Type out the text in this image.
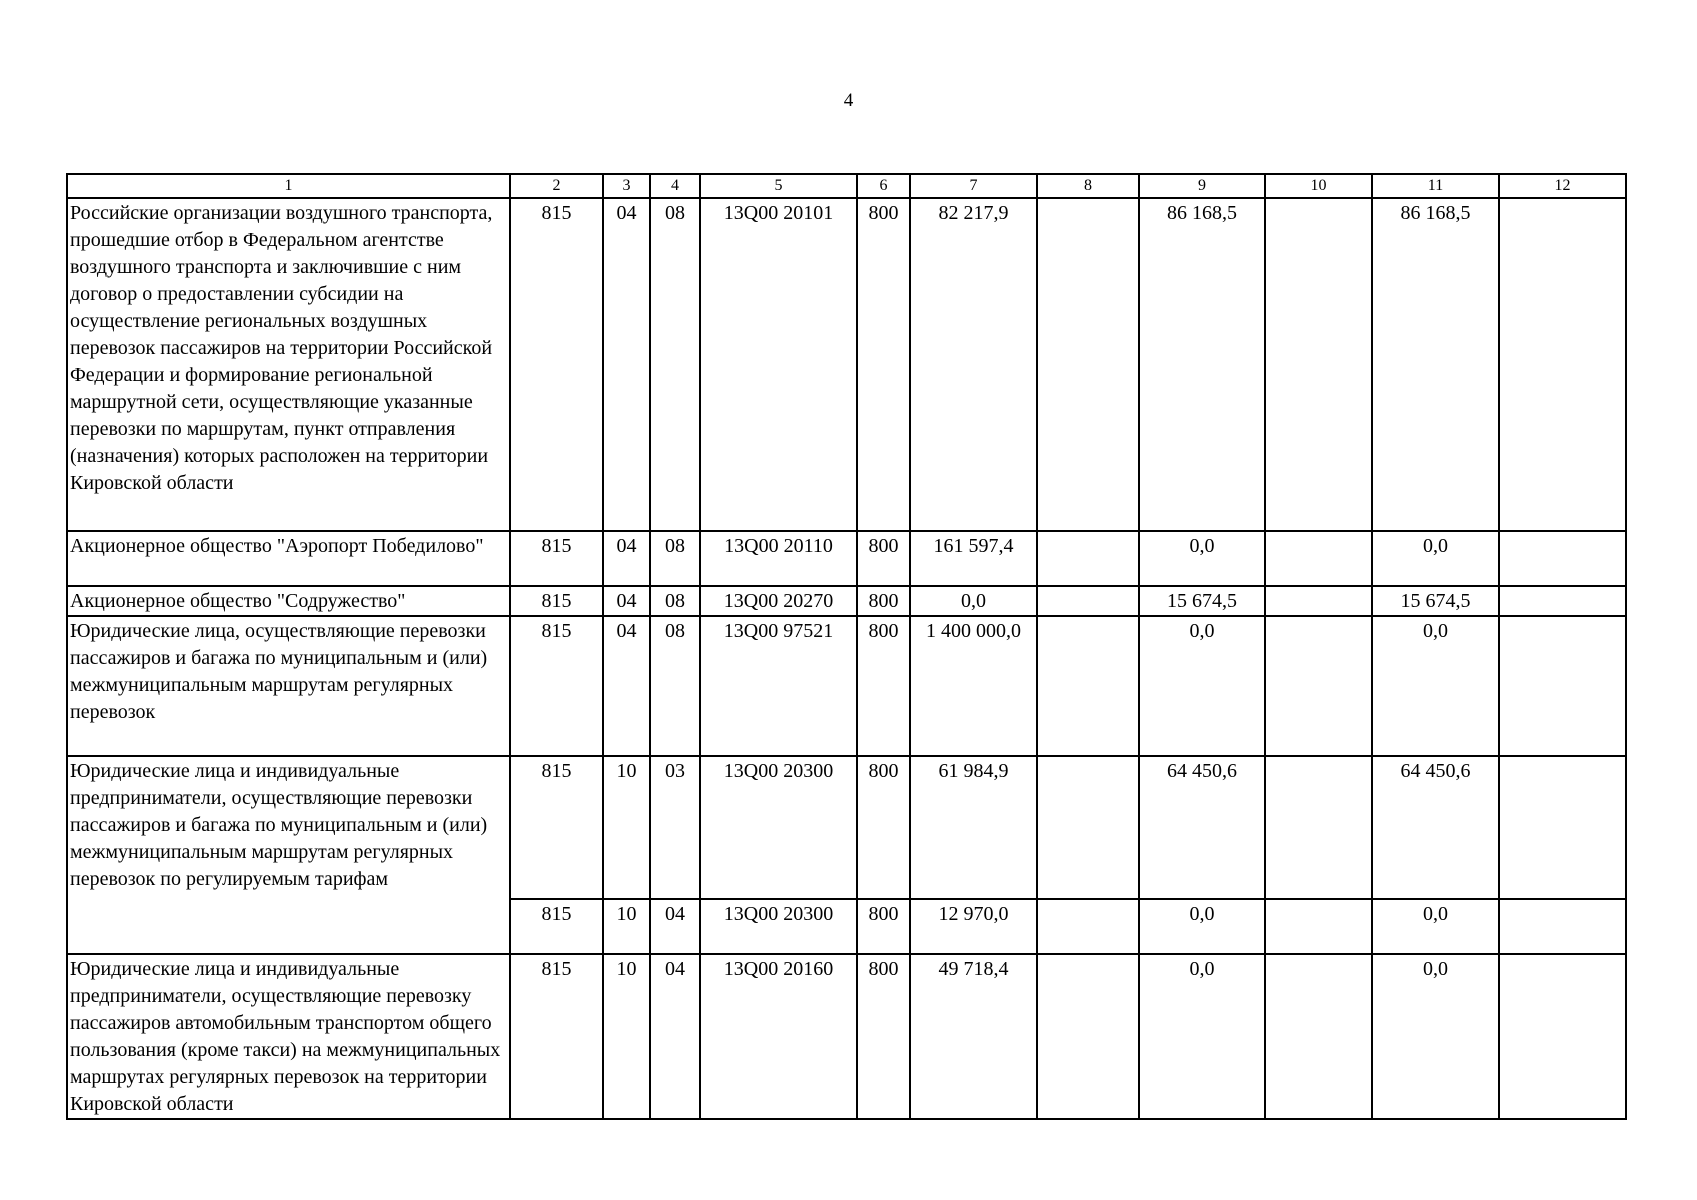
4
1	2	3	4	5	6	7	8	9	10	11	12
Российские организации воздушного транспорта, прошедшие отбор в Федеральном агентстве воздушного транспорта и заключившие с ним договор о предоставлении субсидии на осуществление региональных воздушных перевозок пассажиров на территории Российской Федерации и формирование региональной маршрутной сети, осуществляющие указанные перевозки по маршрутам, пункт отправления (назначения) которых расположен на территории Кировской области	815	04	08	13Q00 20101	800	82 217,9		86 168,5		86 168,5	
Акционерное общество "Аэропорт Победилово"	815	04	08	13Q00 20110	800	161 597,4		0,0		0,0	
Акционерное общество "Содружество"	815	04	08	13Q00 20270	800	0,0		15 674,5		15 674,5	
Юридические лица, осуществляющие перевозки пассажиров и багажа по муниципальным и (или) межмуниципальным маршрутам регулярных перевозок	815	04	08	13Q00 97521	800	1 400 000,0		0,0		0,0	
Юридические лица и индивидуальные предприниматели, осуществляющие перевозки пассажиров и багажа по муниципальным и (или) межмуниципальным маршрутам регулярных перевозок по регулируемым тарифам	815	10	03	13Q00 20300	800	61 984,9		64 450,6		64 450,6	
	815	10	04	13Q00 20300	800	12 970,0		0,0		0,0	
Юридические лица и индивидуальные предприниматели, осуществляющие перевозку пассажиров автомобильным транспортом общего пользования (кроме такси) на межмуниципальных маршрутах регулярных перевозок на территории Кировской области	815	10	04	13Q00 20160	800	49 718,4		0,0		0,0	
